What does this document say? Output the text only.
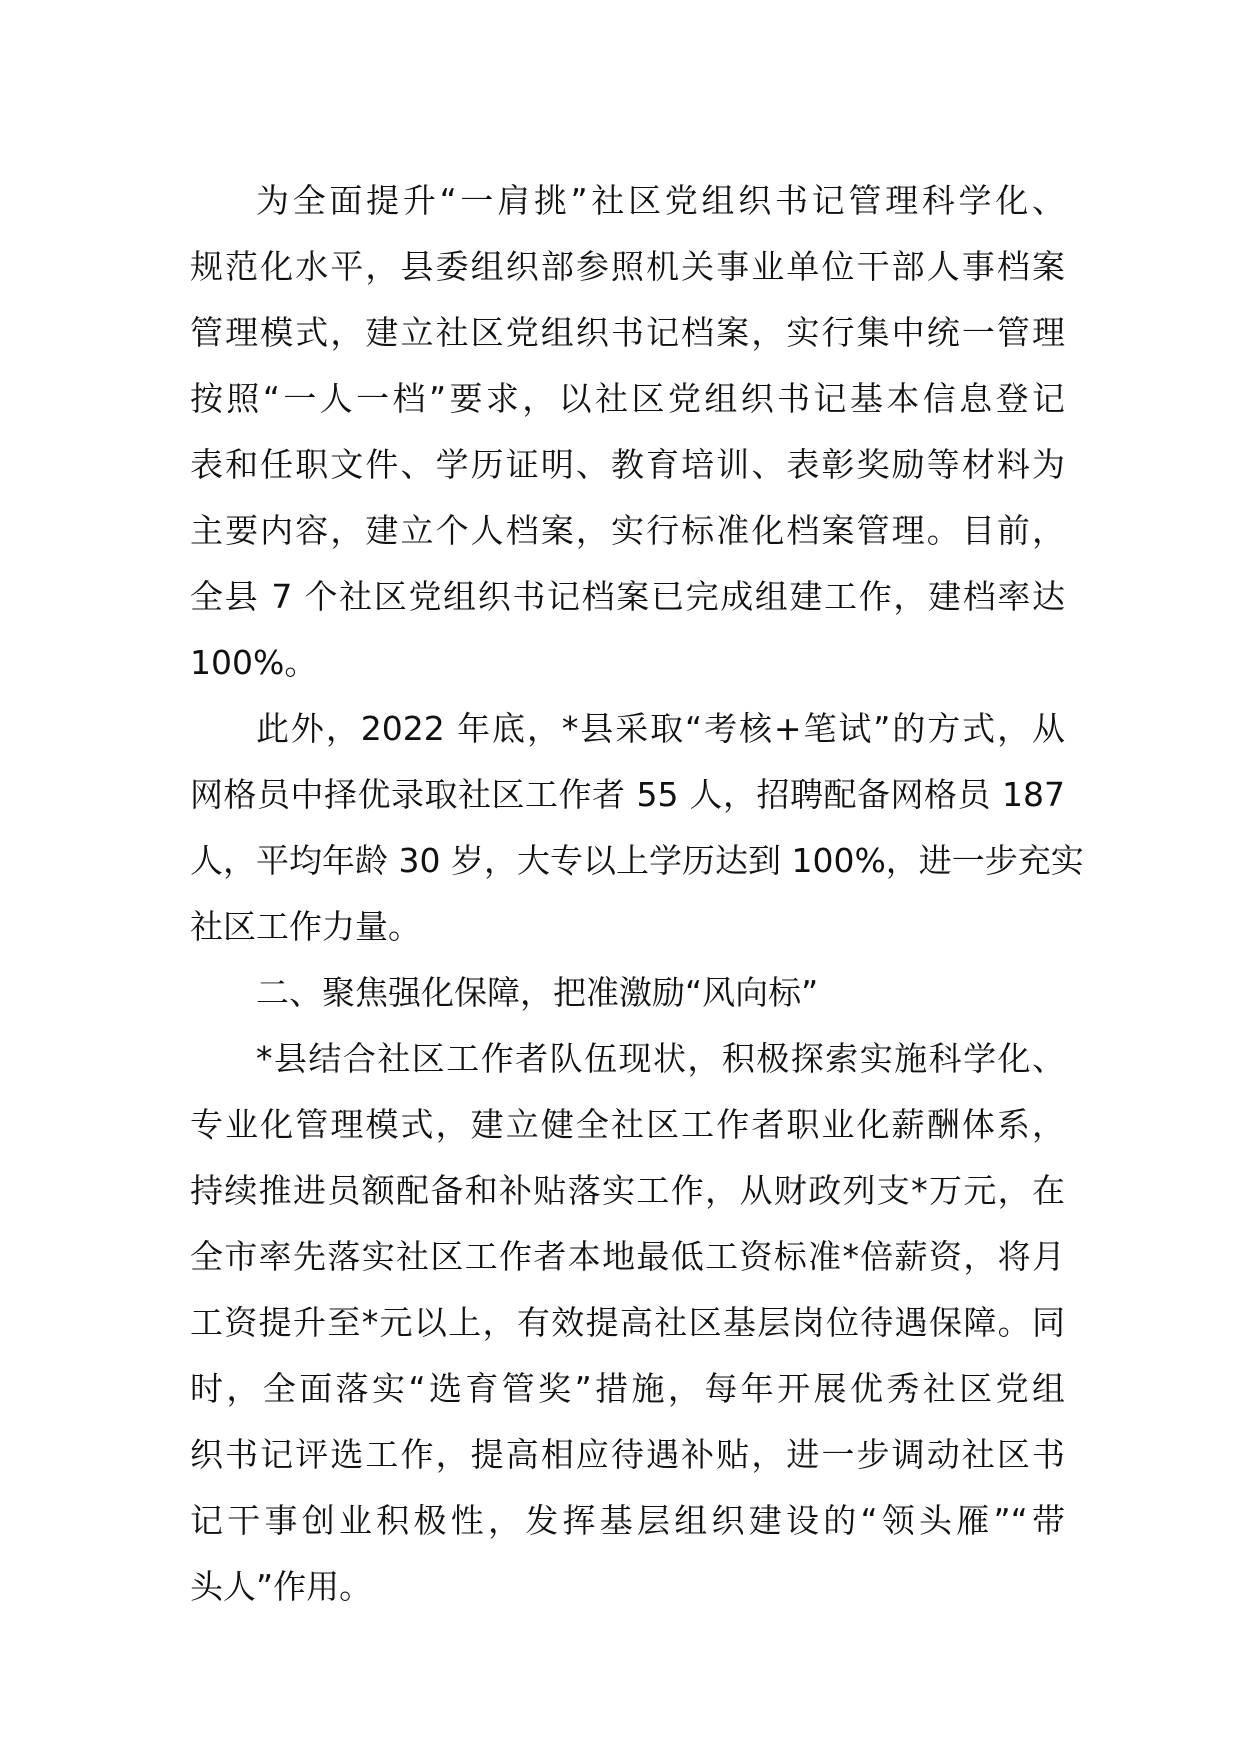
为全面提升“一肩挑”社区党组织书记管理科学化、
规范化水平，县委组织部参照机关事业单位干部人事档案
管理模式，建立社区党组织书记档案，实行集中统一管理
按照“一人一档”要求，以社区党组织书记基本信息登记
表和任职文件、学历证明、教育培训、表彰奖励等材料为
主要内容，建立个人档案，实行标准化档案管理。目前，
全县 7 个社区党组织书记档案已完成组建工作，建档率达
100%。
此外，2022 年底，*县采取“考核+笔试”的方式，从
网格员中择优录取社区工作者 55 人，招聘配备网格员 187
人，平均年龄 30 岁，大专以上学历达到 100%，进一步充实
社区工作力量。
二、聚焦强化保障，把准激励“风向标”
*县结合社区工作者队伍现状，积极探索实施科学化、
专业化管理模式，建立健全社区工作者职业化薪酬体系，
持续推进员额配备和补贴落实工作，从财政列支*万元，在
全市率先落实社区工作者本地最低工资标准*倍薪资，将月
工资提升至*元以上，有效提高社区基层岗位待遇保障。同
时，全面落实“选育管奖”措施，每年开展优秀社区党组
织书记评选工作，提高相应待遇补贴，进一步调动社区书
记干事创业积极性，发挥基层组织建设的“领头雁”“带
头人”作用。
